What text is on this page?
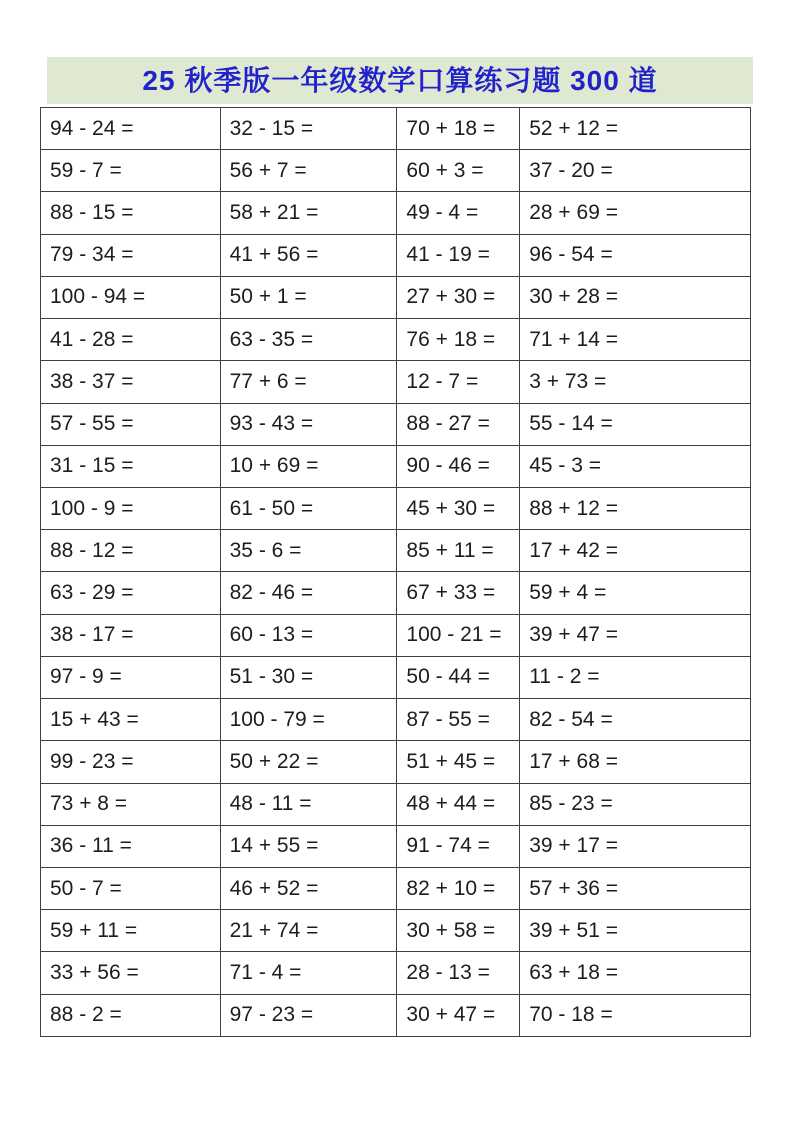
25 秋季版一年级数学口算练习题 300 道
94 - 24 =	32 - 15 =	70 + 18 =	52 + 12 =
59 - 7 =	56 + 7 =	60 + 3 =	37 - 20 =
88 - 15 =	58 + 21 =	49 - 4 =	28 + 69 =
79 - 34 =	41 + 56 =	41 - 19 =	96 - 54 =
100 - 94 =	50 + 1 =	27 + 30 =	30 + 28 =
41 - 28 =	63 - 35 =	76 + 18 =	71 + 14 =
38 - 37 =	77 + 6 =	12 - 7 =	3 + 73 =
57 - 55 =	93 - 43 =	88 - 27 =	55 - 14 =
31 - 15 =	10 + 69 =	90 - 46 =	45 - 3 =
100 - 9 =	61 - 50 =	45 + 30 =	88 + 12 =
88 - 12 =	35 - 6 =	85 + 11 =	17 + 42 =
63 - 29 =	82 - 46 =	67 + 33 =	59 + 4 =
38 - 17 =	60 - 13 =	100 - 21 =	39 + 47 =
97 - 9 =	51 - 30 =	50 - 44 =	11 - 2 =
15 + 43 =	100 - 79 =	87 - 55 =	82 - 54 =
99 - 23 =	50 + 22 =	51 + 45 =	17 + 68 =
73 + 8 =	48 - 11 =	48 + 44 =	85 - 23 =
36 - 11 =	14 + 55 =	91 - 74 =	39 + 17 =
50 - 7 =	46 + 52 =	82 + 10 =	57 + 36 =
59 + 11 =	21 + 74 =	30 + 58 =	39 + 51 =
33 + 56 =	71 - 4 =	28 - 13 =	63 + 18 =
88 - 2 =	97 - 23 =	30 + 47 =	70 - 18 =
